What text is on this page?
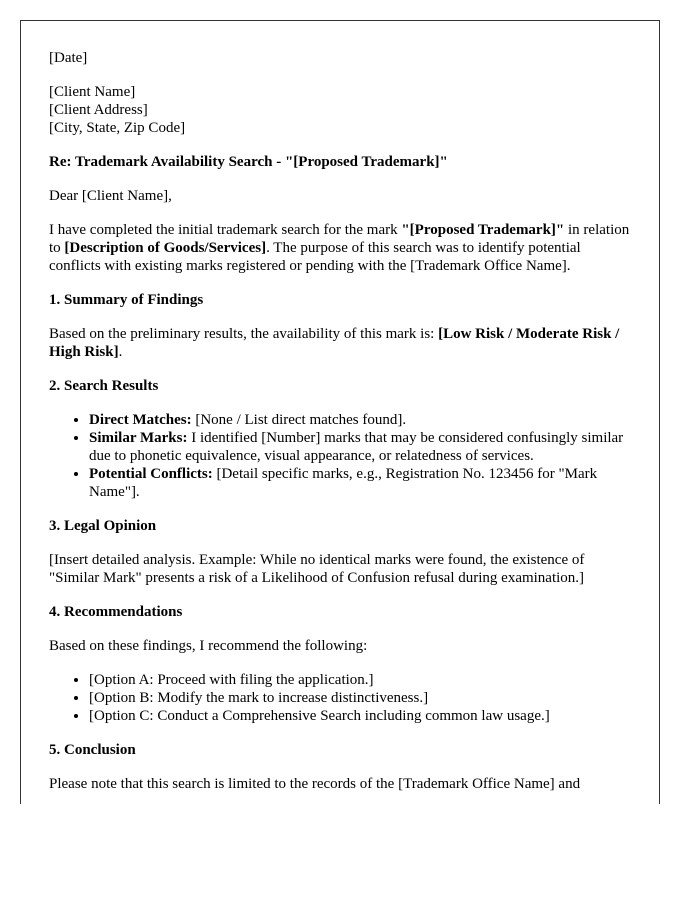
[Date]

[Client Name]
[Client Address]
[City, State, Zip Code]

Re: Trademark Availability Search - "[Proposed Trademark]"

Dear [Client Name],

I have completed the initial trademark search for the mark "[Proposed Trademark]" in relation to [Description of Goods/Services]. The purpose of this search was to identify potential conflicts with existing marks registered or pending with the [Trademark Office Name].

1. Summary of Findings

Based on the preliminary results, the availability of this mark is: [Low Risk / Moderate Risk / High Risk].

2. Search Results

• Direct Matches: [None / List direct matches found].
• Similar Marks: I identified [Number] marks that may be considered confusingly similar due to phonetic equivalence, visual appearance, or relatedness of services.
• Potential Conflicts: [Detail specific marks, e.g., Registration No. 123456 for "Mark Name"].

3. Legal Opinion

[Insert detailed analysis. Example: While no identical marks were found, the existence of "Similar Mark" presents a risk of a Likelihood of Confusion refusal during examination.]

4. Recommendations

Based on these findings, I recommend the following:

• [Option A: Proceed with filing the application.]
• [Option B: Modify the mark to increase distinctiveness.]
• [Option C: Conduct a Comprehensive Search including common law usage.]

5. Conclusion

Please note that this search is limited to the records of the [Trademark Office Name] and
